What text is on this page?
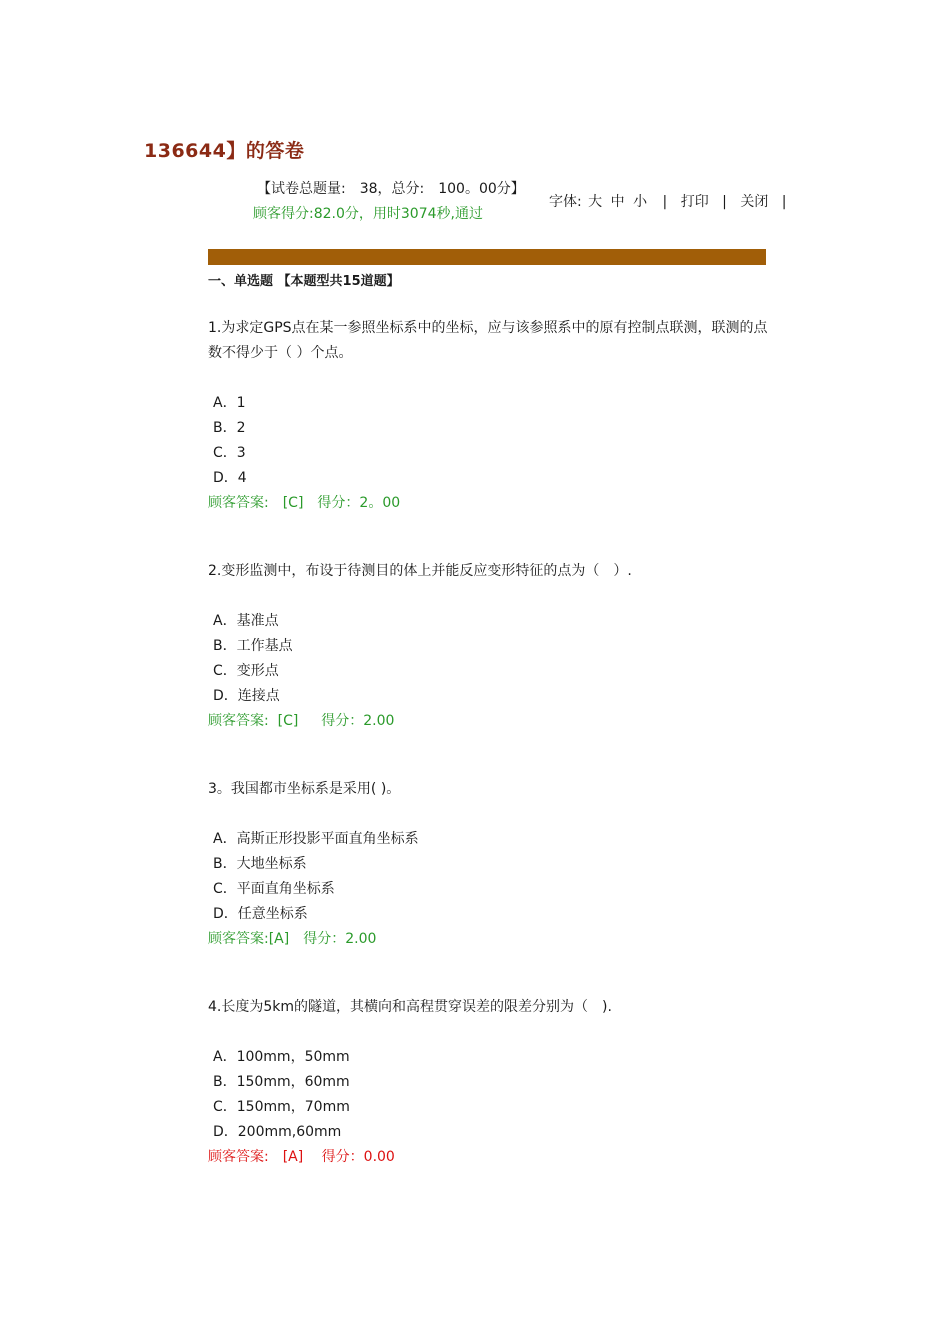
136644】的答卷
【试卷总题量:　38，总分:　100。00分】
顾客得分:82.0分，用时3074秒,通过
字体: 大 中 小 | 打印 | 关闭 |
一、单选题 【本题型共15道题】

1.为求定GPS点在某一参照坐标系中的坐标，应与该参照系中的原有控制点联测，联测的点数不得少于（ ）个点。

A．1
B．2
C．3
D．4
顾客答案:　[C]　得分：2。00

2.变形监测中，布设于待测目的体上并能反应变形特征的点为（　）.

A．基准点
B．工作基点
C．变形点
D．连接点
顾客答案:  [C]　  得分：2.00

3。我国都市坐标系是采用( )。

A．高斯正形投影平面直角坐标系
B．大地坐标系
C．平面直角坐标系
D．任意坐标系
顾客答案:[A]　得分：2.00

4.长度为5km的隧道，其横向和高程贯穿误差的限差分别为（　).

A．100mm，50mm
B．150mm，60mm
C．150mm，70mm
D．200mm,60mm
顾客答案:　[A]　 得分：0.00
